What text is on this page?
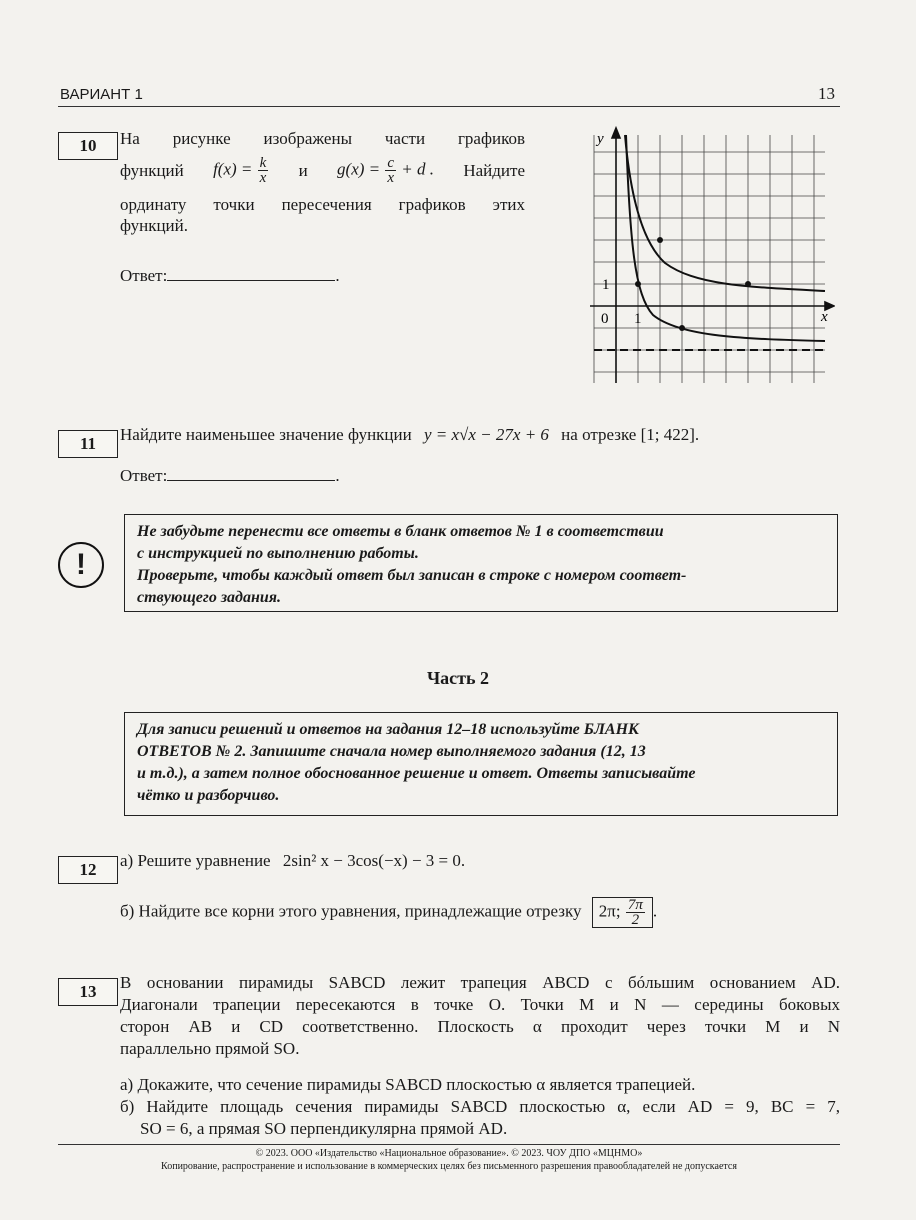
ВАРИАНТ 1	13
10	На рисунке изображены части графиков
функций $f(x) = \frac{k}{x}$ и $g(x) = \frac{c}{x} + d$ . Найдите
ординату точки пересечения графиков этих
функций.
Ответ:	.
y
x
0 1
1
11	Найдите наименьшее значение функции y = x√x − 27x + 6 на отрезке [1; 422].
Ответ:	.
!
Не забудьте перенести все ответы в бланк ответов № 1 в соответствии
с инструкцией по выполнению работы.
Проверьте, чтобы каждый ответ был записан в строке с номером соответ-
ствующего задания.
Часть 2
Для записи решений и ответов на задания 12–18 используйте БЛАНК
ОТВЕТОВ № 2. Запишите сначала номер выполняемого задания (12, 13
и т.д.), а затем полное обоснованное решение и ответ. Ответы записывайте
чётко и разборчиво.
12	а) Решите уравнение 2sin² x − 3cos(−x) − 3 = 0.
б) Найдите все корни этого уравнения, принадлежащие отрезку 2π; $\frac{7\pi}{2}$ .
13	В основании пирамиды SABCD лежит трапеция ABCD с бóльшим основанием AD.
Диагонали трапеции пересекаются в точке O. Точки M и N — середины боковых
сторон AB и CD соответственно. Плоскость α проходит через точки M и N
параллельно прямой SO.
а) Докажите, что сечение пирамиды SABCD плоскостью α является трапецией.
б) Найдите площадь сечения пирамиды SABCD плоскостью α, если AD = 9, BC = 7,
SO = 6, а прямая SO перпендикулярна прямой AD.
© 2023. ООО «Издательство «Национальное образование». © 2023. ЧОУ ДПО «МЦНМО»
Копирование, распространение и использование в коммерческих целях без письменного разрешения правообладателей не допускается
